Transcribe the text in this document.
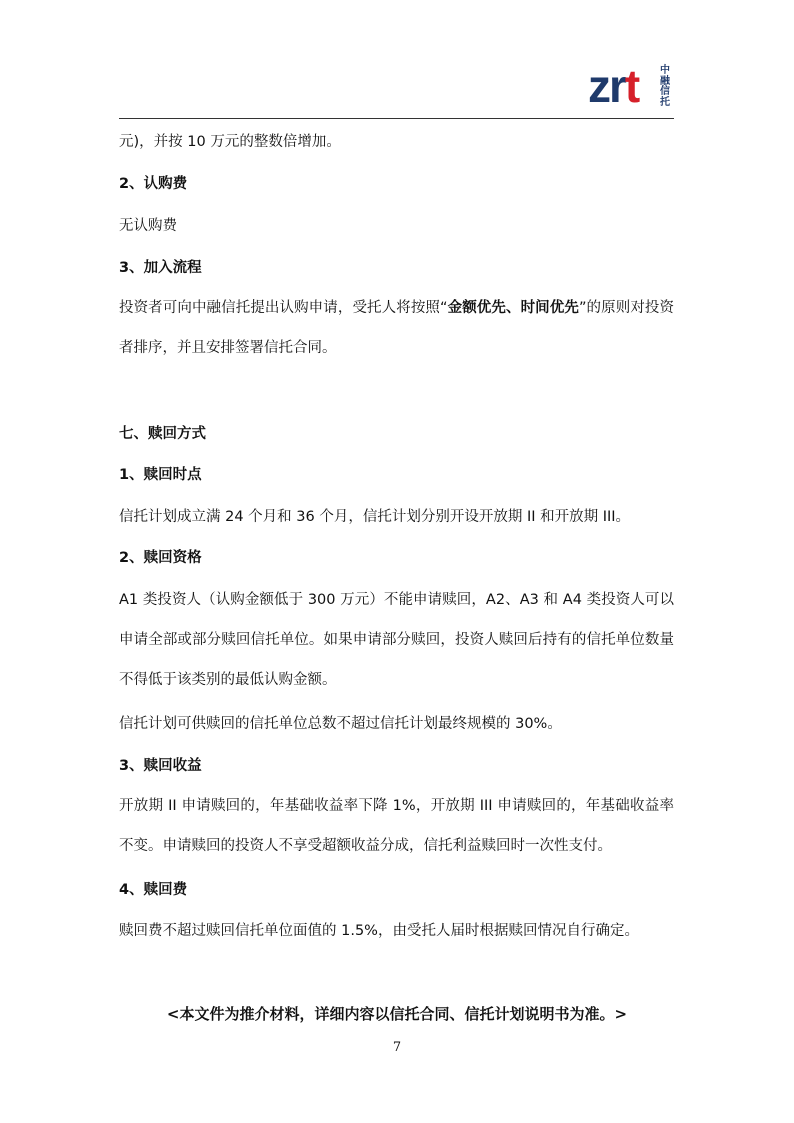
zrt 中
融
信
托

元)，并按 10 万元的整数倍增加。

2、认购费

无认购费

3、加入流程

投资者可向中融信托提出认购申请，受托人将按照“金额优先、时间优先”的原则对投资者排序，并且安排签署信托合同。

七、赎回方式

1、赎回时点

信托计划成立满 24 个月和 36 个月，信托计划分别开设开放期 II 和开放期 III。

2、赎回资格

A1 类投资人（认购金额低于 300 万元）不能申请赎回，A2、A3 和 A4 类投资人可以申请全部或部分赎回信托单位。如果申请部分赎回，投资人赎回后持有的信托单位数量不得低于该类别的最低认购金额。

信托计划可供赎回的信托单位总数不超过信托计划最终规模的 30%。

3、赎回收益

开放期 II 申请赎回的，年基础收益率下降 1%，开放期 III 申请赎回的，年基础收益率不变。申请赎回的投资人不享受超额收益分成，信托利益赎回时一次性支付。

4、赎回费

赎回费不超过赎回信托单位面值的 1.5%，由受托人届时根据赎回情况自行确定。

<本文件为推介材料，详细内容以信托合同、信托计划说明书为准。>
7
